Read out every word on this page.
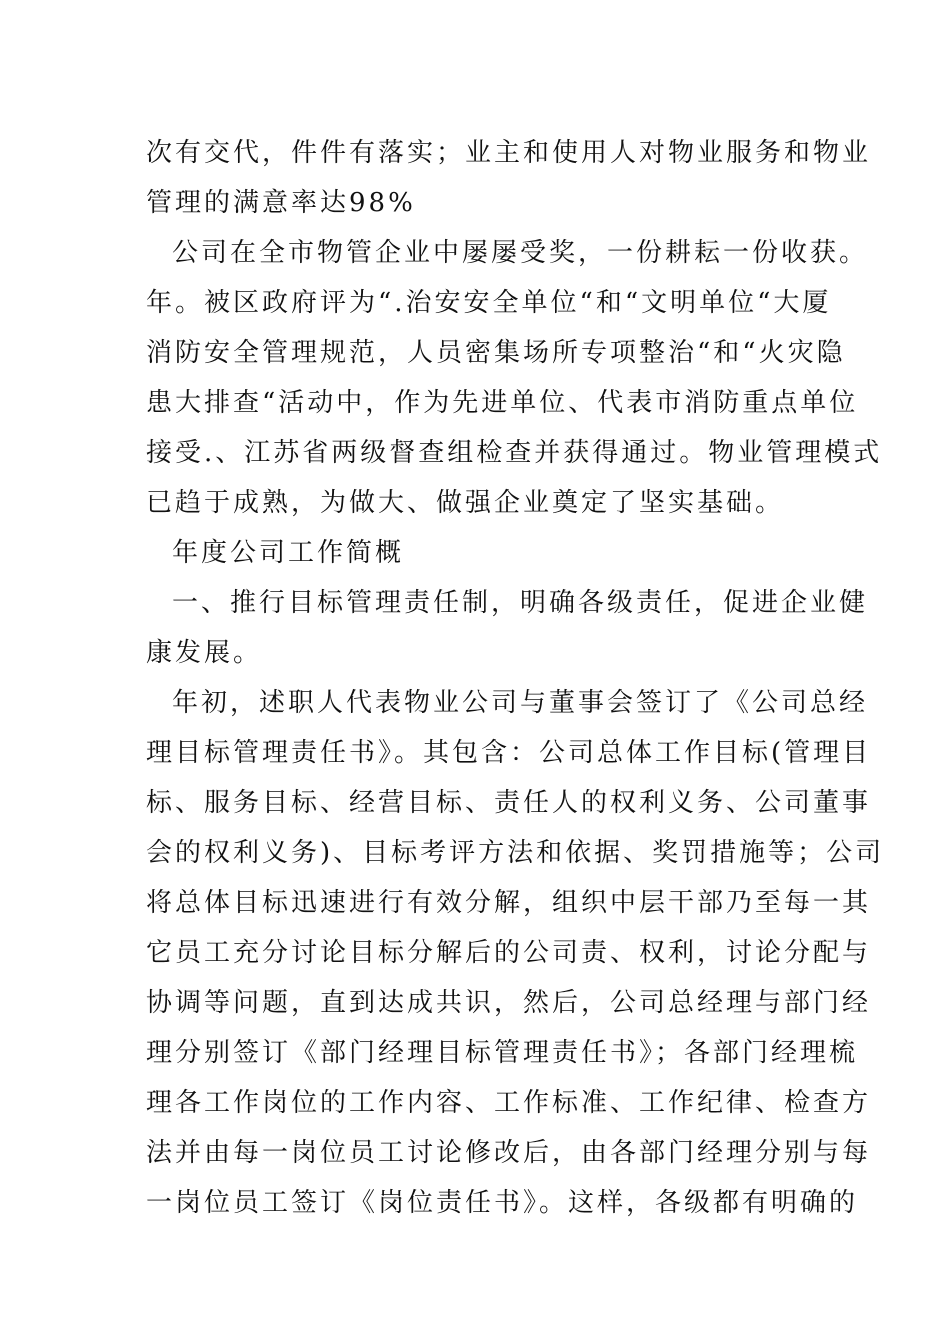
次有交代，件件有落实；业主和使用人对物业服务和物业
管理的满意率达98%
公司在全市物管企业中屡屡受奖，一份耕耘一份收获。
年。被区政府评为“.治安安全单位“和“文明单位“大厦
消防安全管理规范，人员密集场所专项整治“和“火灾隐
患大排查“活动中，作为先进单位、代表市消防重点单位
接受.、江苏省两级督查组检查并获得通过。物业管理模式
已趋于成熟，为做大、做强企业奠定了坚实基础。
年度公司工作简概
一、推行目标管理责任制，明确各级责任，促进企业健
康发展。
年初，述职人代表物业公司与董事会签订了《公司总经
理目标管理责任书》。其包含：公司总体工作目标(管理目
标、服务目标、经营目标、责任人的权利义务、公司董事
会的权利义务)、目标考评方法和依据、奖罚措施等；公司
将总体目标迅速进行有效分解，组织中层干部乃至每一其
它员工充分讨论目标分解后的公司责、权利，讨论分配与
协调等问题，直到达成共识，然后，公司总经理与部门经
理分别签订《部门经理目标管理责任书》；各部门经理梳
理各工作岗位的工作内容、工作标准、工作纪律、检查方
法并由每一岗位员工讨论修改后，由各部门经理分别与每
一岗位员工签订《岗位责任书》。这样，各级都有明确的
